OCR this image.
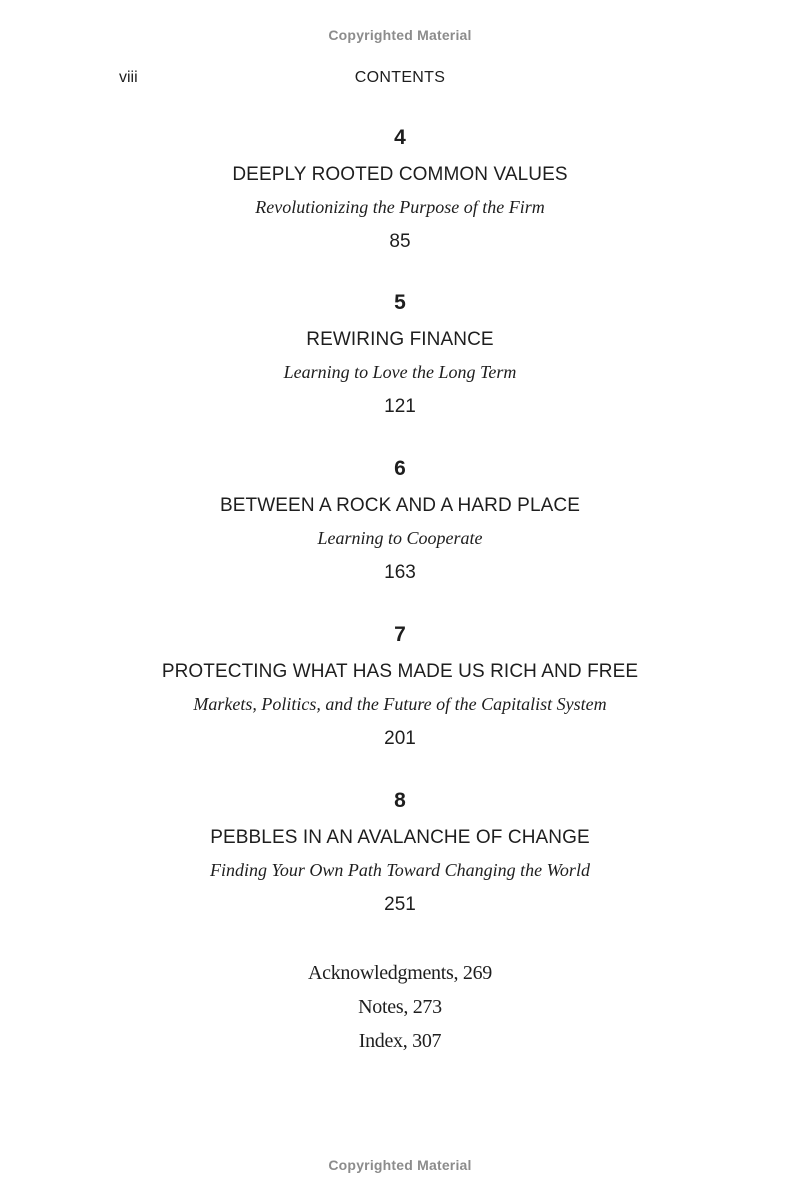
Copyrighted Material
viii	CONTENTS
4
DEEPLY ROOTED COMMON VALUES
Revolutionizing the Purpose of the Firm
85
5
REWIRING FINANCE
Learning to Love the Long Term
121
6
BETWEEN A ROCK AND A HARD PLACE
Learning to Cooperate
163
7
PROTECTING WHAT HAS MADE US RICH AND FREE
Markets, Politics, and the Future of the Capitalist System
201
8
PEBBLES IN AN AVALANCHE OF CHANGE
Finding Your Own Path Toward Changing the World
251
Acknowledgments, 269
Notes, 273
Index, 307
Copyrighted Material
